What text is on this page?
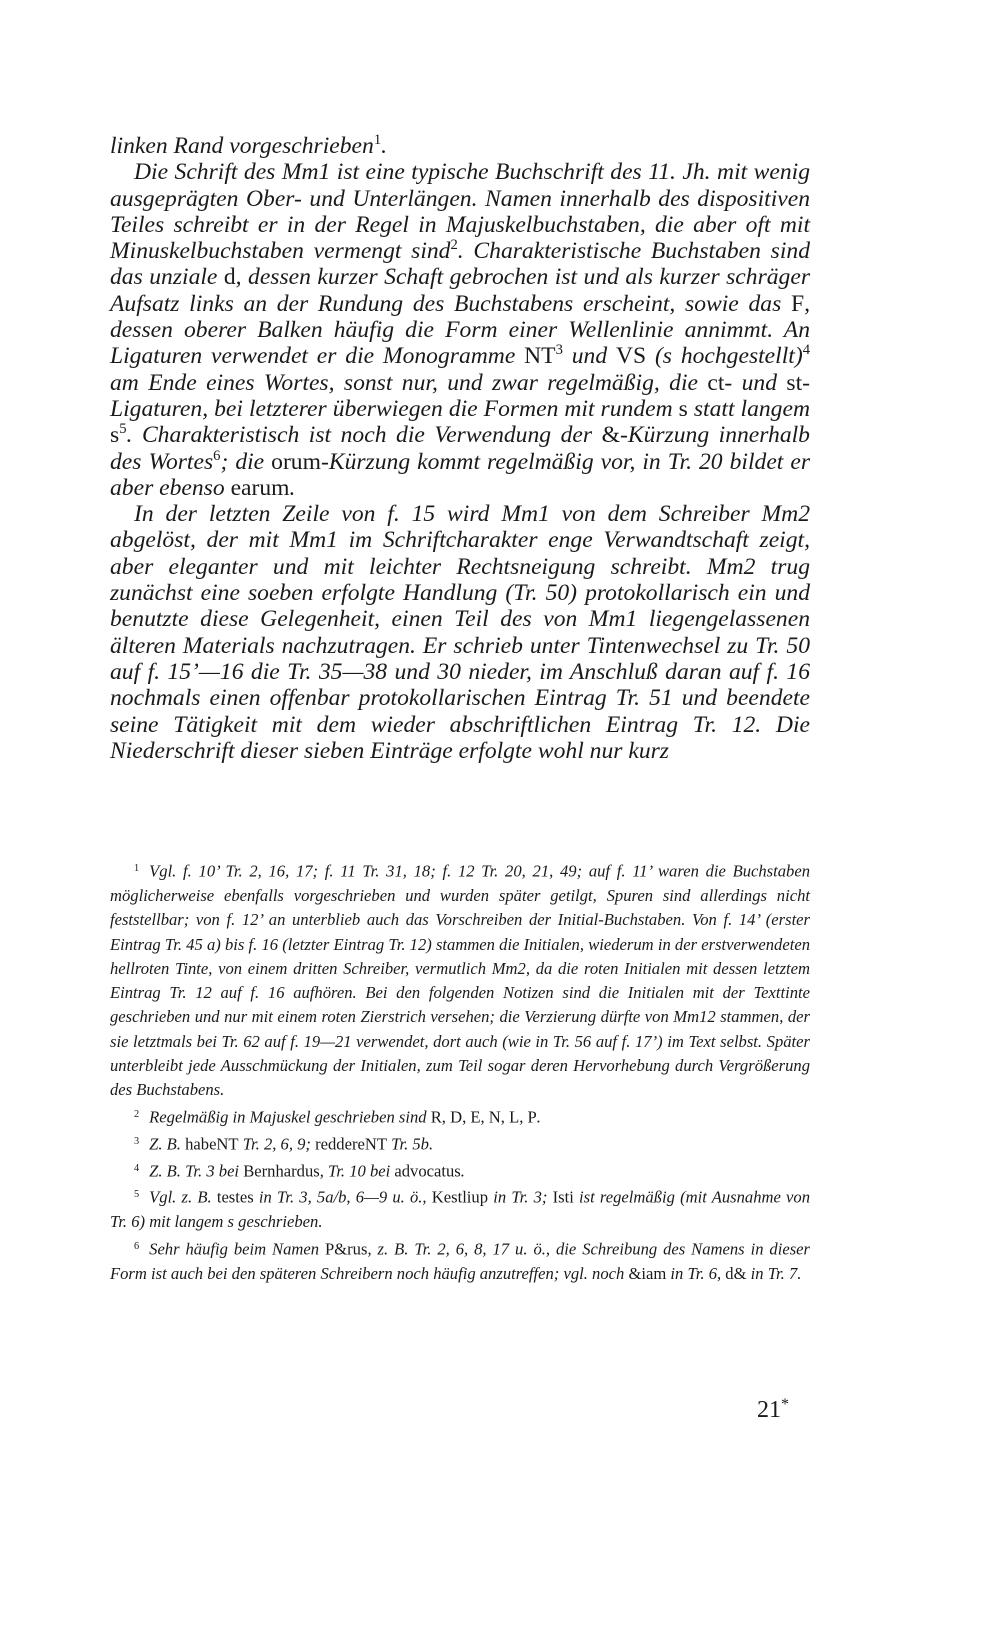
linken Rand vorgeschrieben$^1$.

Die Schrift des Mm1 ist eine typische Buchschrift des 11. Jh. mit wenig ausgeprägten Ober- und Unterlängen. Namen innerhalb des dispositiven Teiles schreibt er in der Regel in Majuskelbuchstaben, die aber oft mit Minuskelbuchstaben vermengt sind$^2$. Charakteristische Buchstaben sind das unziale d, dessen kurzer Schaft gebrochen ist und als kurzer schräger Aufsatz links an der Rundung des Buchstabens erscheint, sowie das F, dessen oberer Balken häufig die Form einer Wellenlinie annimmt. An Ligaturen verwendet er die Monogramme $NT^3$ und VS (s hochgestellt)$^4$ am Ende eines Wortes, sonst nur, und zwar regelmäßig, die ct- und st-Ligaturen, bei letzterer überwiegen die Formen mit rundem s statt langem $s^5$. Charakteristisch ist noch die Verwendung der &-Kürzung innerhalb des Wortes$^6$; die orum-Kürzung kommt regelmäßig vor, in Tr. 20 bildet er aber ebenso earum.

In der letzten Zeile von f. 15 wird Mm1 von dem Schreiber Mm2 abgelöst, der mit Mm1 im Schriftcharakter enge Verwandtschaft zeigt, aber eleganter und mit leichter Rechtsneigung schreibt. Mm2 trug zunächst eine soeben erfolgte Handlung (Tr. 50) protokollarisch ein und benutzte diese Gelegenheit, einen Teil des von Mm1 liegengelassenen älteren Materials nachzutragen. Er schrieb unter Tintenwechsel zu Tr. 50 auf f. 15’—16 die Tr. 35—38 und 30 nieder, im Anschluß daran auf f. 16 nochmals einen offenbar protokollarischen Eintrag Tr. 51 und beendete seine Tätigkeit mit dem wieder abschriftlichen Eintrag Tr. 12. Die Niederschrift dieser sieben Einträge erfolgte wohl nur kurz

$^1$ Vgl. f. 10’ Tr. 2, 16, 17; f. 11 Tr. 31, 18; f. 12 Tr. 20, 21, 49; auf f. 11’ waren die Buchstaben möglicherweise ebenfalls vorgeschrieben und wurden später getilgt, Spuren sind allerdings nicht feststellbar; von f. 12’ an unterblieb auch das Vorschreiben der Initial-Buchstaben. Von f. 14’ (erster Eintrag Tr. 45 a) bis f. 16 (letzter Eintrag Tr. 12) stammen die Initialen, wiederum in der erstverwendeten hellroten Tinte, von einem dritten Schreiber, vermutlich Mm2, da die roten Initialen mit dessen letztem Eintrag Tr. 12 auf f. 16 aufhören. Bei den folgenden Notizen sind die Initialen mit der Texttinte geschrieben und nur mit einem roten Zierstrich versehen; die Verzierung dürfte von Mm12 stammen, der sie letztmals bei Tr. 62 auf f. 19—21 verwendet, dort auch (wie in Tr. 56 auf f. 17’) im Text selbst. Später unterbleibt jede Ausschmückung der Initialen, zum Teil sogar deren Hervorhebung durch Vergrößerung des Buchstabens.

$^2$ Regelmäßig in Majuskel geschrieben sind R, D, E, N, L, P.

$^3$ Z. B. habeNT Tr. 2, 6, 9; reddereNT Tr. 5b.

$^4$ Z. B. Tr. 3 bei Bernhardus, Tr. 10 bei advocatus.

$^5$ Vgl. z. B. testes in Tr. 3, 5a/b, 6—9 u. ö., Kestliup in Tr. 3; Isti ist regelmäßig (mit Ausnahme von Tr. 6) mit langem s geschrieben.

$^6$ Sehr häufig beim Namen P&rus, z. B. Tr. 2, 6, 8, 17 u. ö., die Schreibung des Namens in dieser Form ist auch bei den späteren Schreibern noch häufig anzutreffen; vgl. noch &iam in Tr. 6, d& in Tr. 7.

21*
